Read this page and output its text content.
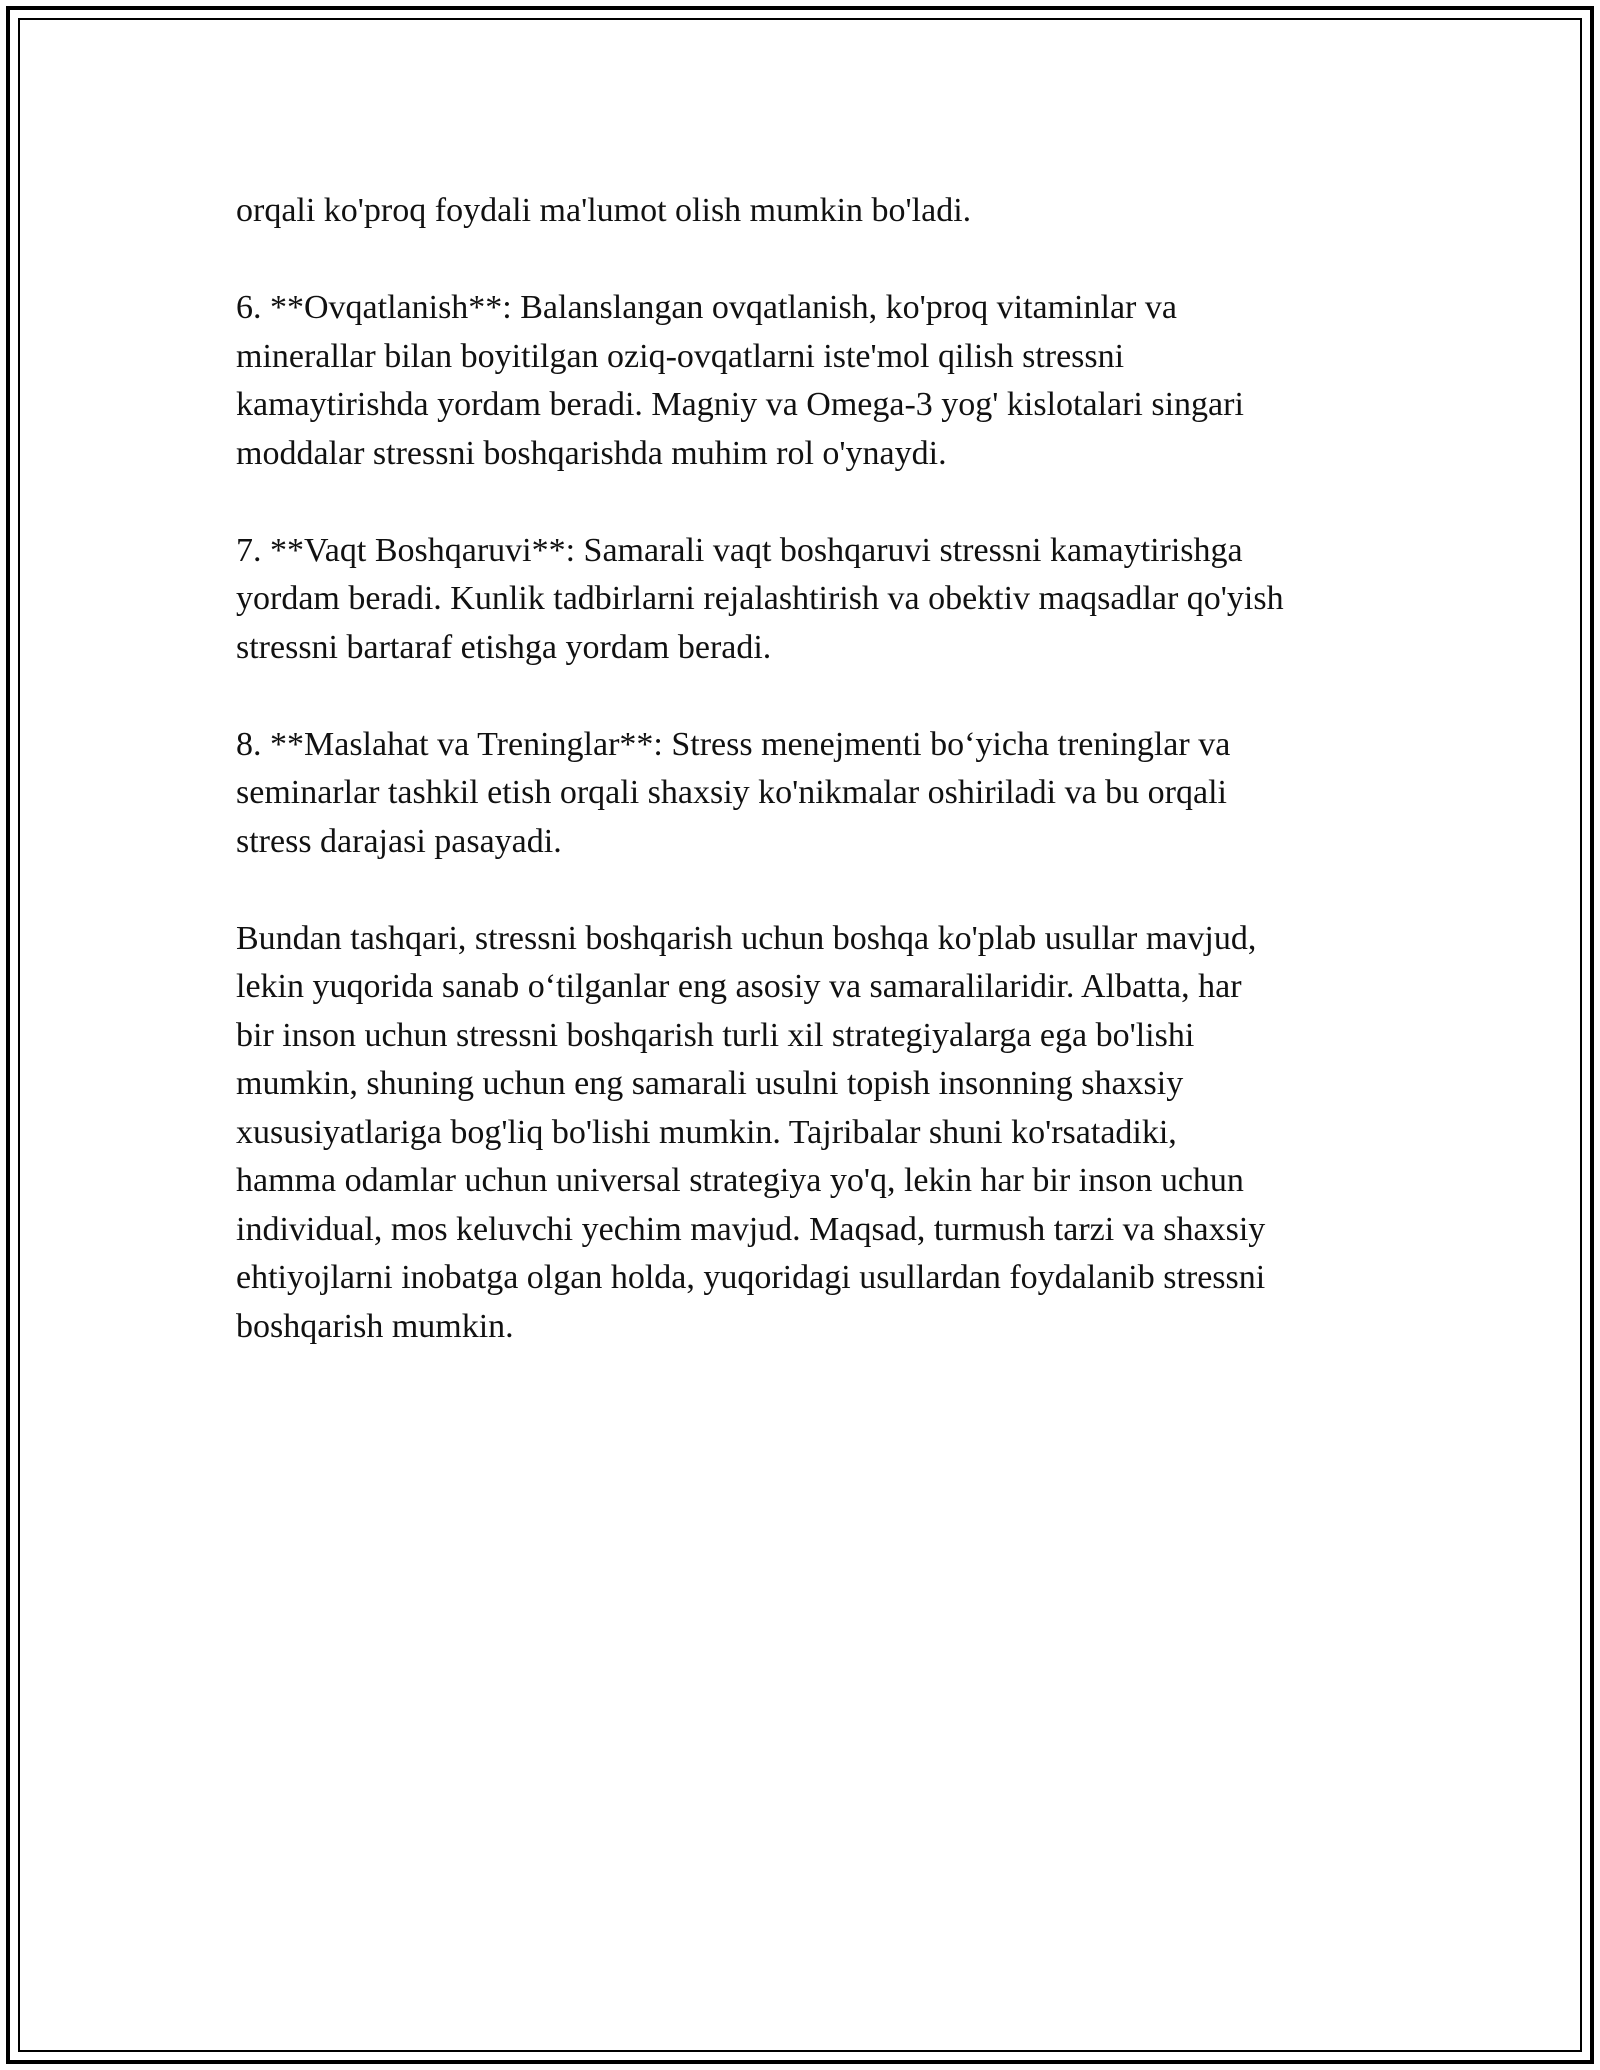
orqali ko'proq foydali ma'lumot olish mumkin bo'ladi.

6. **Ovqatlanish**: Balanslangan ovqatlanish, ko'proq vitaminlar va
minerallar bilan boyitilgan oziq-ovqatlarni iste'mol qilish stressni
kamaytirishda yordam beradi. Magniy va Omega-3 yog' kislotalari singari
moddalar stressni boshqarishda muhim rol o'ynaydi.

7. **Vaqt Boshqaruvi**: Samarali vaqt boshqaruvi stressni kamaytirishga
yordam beradi. Kunlik tadbirlarni rejalashtirish va obektiv maqsadlar qo'yish
stressni bartaraf etishga yordam beradi.

8. **Maslahat va Treninglar**: Stress menejmenti bo‘yicha treninglar va
seminarlar tashkil etish orqali shaxsiy ko'nikmalar oshiriladi va bu orqali
stress darajasi pasayadi.

Bundan tashqari, stressni boshqarish uchun boshqa ko'plab usullar mavjud,
lekin yuqorida sanab o‘tilganlar eng asosiy va samaralilaridir. Albatta, har
bir inson uchun stressni boshqarish turli xil strategiyalarga ega bo'lishi
mumkin, shuning uchun eng samarali usulni topish insonning shaxsiy
xususiyatlariga bog'liq bo'lishi mumkin. Tajribalar shuni ko'rsatadiki,
hamma odamlar uchun universal strategiya yo'q, lekin har bir inson uchun
individual, mos keluvchi yechim mavjud. Maqsad, turmush tarzi va shaxsiy
ehtiyojlarni inobatga olgan holda, yuqoridagi usullardan foydalanib stressni
boshqarish mumkin.
